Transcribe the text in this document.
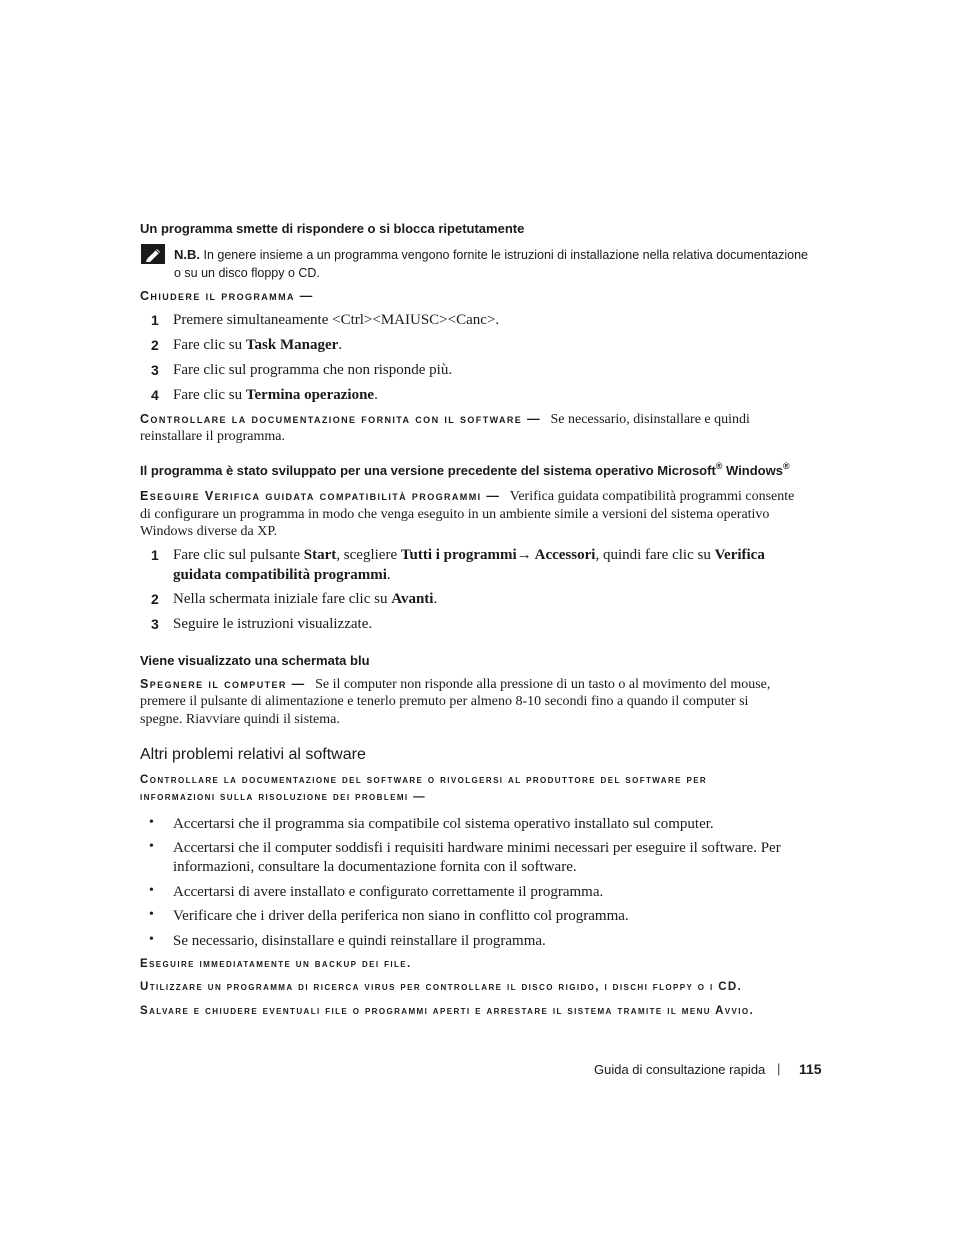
Un programma smette di rispondere o si blocca ripetutamente
N.B. In genere insieme a un programma vengono fornite le istruzioni di installazione nella relativa documentazione o su un disco floppy o CD.
Chiudere il programma —
1 Premere simultaneamente <Ctrl><MAIUSC><Canc>.
2 Fare clic su Task Manager.
3 Fare clic sul programma che non risponde più.
4 Fare clic su Termina operazione.
Controllare la documentazione fornita con il software — Se necessario, disinstallare e quindi
reinstallare il programma.
Il programma è stato sviluppato per una versione precedente del sistema operativo Microsoft® Windows®
Eseguire Verifica guidata compatibilità programmi — Verifica guidata compatibilità programmi consente
di configurare un programma in modo che venga eseguito in un ambiente simile a versioni del sistema operativo
Windows diverse da XP.
1 Fare clic sul pulsante Start, scegliere Tutti i programmi→ Accessori, quindi fare clic su Verifica
guidata compatibilità programmi.
2 Nella schermata iniziale fare clic su Avanti.
3 Seguire le istruzioni visualizzate.
Viene visualizzato una schermata blu
Spegnere il computer — Se il computer non risponde alla pressione di un tasto o al movimento del mouse,
premere il pulsante di alimentazione e tenerlo premuto per almeno 8-10 secondi fino a quando il computer si
spegne. Riavviare quindi il sistema.
Altri problemi relativi al software
Controllare la documentazione del software o rivolgersi al produttore del software per
informazioni sulla risoluzione dei problemi —
• Accertarsi che il programma sia compatibile col sistema operativo installato sul computer.
• Accertarsi che il computer soddisfi i requisiti hardware minimi necessari per eseguire il software. Per
informazioni, consultare la documentazione fornita con il software.
• Accertarsi di avere installato e configurato correttamente il programma.
• Verificare che i driver della periferica non siano in conflitto col programma.
• Se necessario, disinstallare e quindi reinstallare il programma.
Eseguire immediatamente un backup dei file.
Utilizzare un programma di ricerca virus per controllare il disco rigido, i dischi floppy o i CD.
Salvare e chiudere eventuali file o programmi aperti e arrestare il sistema tramite il menu Avvio.
Guida di consultazione rapida | 115
